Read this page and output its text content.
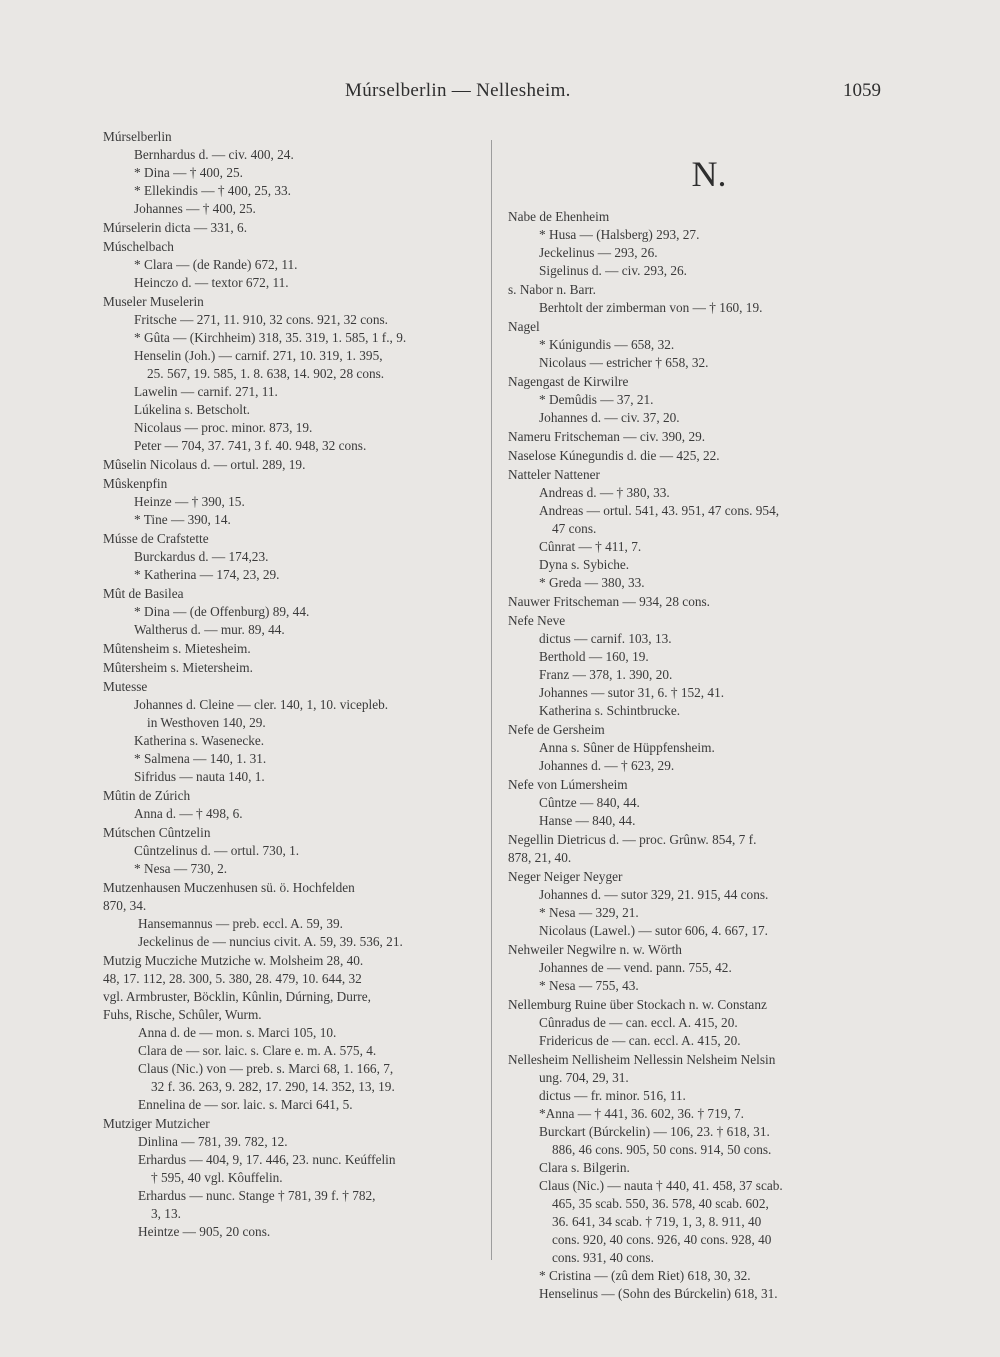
Múrselberlin — Nellesheim.	1059
Múrselberlin
Bernhardus d. — civ. 400, 24.
* Dina — † 400, 25.
* Ellekindis — † 400, 25, 33.
Johannes — † 400, 25.
Múrselerin dicta — 331, 6.
Múschelbach
* Clara — (de Rande) 672, 11.
Heinczo d. — textor 672, 11.
Museler Muselerin
Fritsche — 271, 11. 910, 32 cons. 921, 32 cons.
* Gûta — (Kirchheim) 318, 35. 319, 1. 585, 1 f., 9.
Henselin (Joh.) — carnif. 271, 10. 319, 1. 395,
25. 567, 19. 585, 1. 8. 638, 14. 902, 28 cons.
Lawelin — carnif. 271, 11.
Lúkelina s. Betscholt.
Nicolaus — proc. minor. 873, 19.
Peter — 704, 37. 741, 3 f. 40. 948, 32 cons.
Mûselin Nicolaus d. — ortul. 289, 19.
Mûskenpfin
Heinze — † 390, 15.
* Tine — 390, 14.
Músse de Crafstette
Burckardus d. — 174,23.
* Katherina — 174, 23, 29.
Mût de Basilea
* Dina — (de Offenburg) 89, 44.
Waltherus d. — mur. 89, 44.
Mûtensheim s. Mietesheim.
Mûtersheim s. Mietersheim.
Mutesse
Johannes d. Cleine — cler. 140, 1, 10. vicepleb.
in Westhoven 140, 29.
Katherina s. Wasenecke.
* Salmena — 140, 1. 31.
Sifridus — nauta 140, 1.
Mûtin de Zúrich
Anna d. — † 498, 6.
Mútschen Cûntzelin
Cûntzelinus d. — ortul. 730, 1.
* Nesa — 730, 2.
Mutzenhausen Muczenhusen sü. ö. Hochfelden
870, 34.
Hansemannus — preb. eccl. A. 59, 39.
Jeckelinus de — nuncius civit. A. 59, 39. 536, 21.
Mutzig Mucziche Mutziche w. Molsheim 28, 40.
48, 17. 112, 28. 300, 5. 380, 28. 479, 10. 644, 32
vgl. Armbruster, Böcklin, Kûnlin, Dúrning, Durre,
Fuhs, Rische, Schûler, Wurm.
Anna d. de — mon. s. Marci 105, 10.
Clara de — sor. laic. s. Clare e. m. A. 575, 4.
Claus (Nic.) von — preb. s. Marci 68, 1. 166, 7,
32 f. 36. 263, 9. 282, 17. 290, 14. 352, 13, 19.
Ennelina de — sor. laic. s. Marci 641, 5.
Mutziger Mutzicher
Dinlina — 781, 39. 782, 12.
Erhardus — 404, 9, 17. 446, 23. nunc. Keúffelin
† 595, 40 vgl. Kôuffelin.
Erhardus — nunc. Stange † 781, 39 f. † 782,
3, 13.
Heintze — 905, 20 cons.
N.
Nabe de Ehenheim
* Husa — (Halsberg) 293, 27.
Jeckelinus — 293, 26.
Sigelinus d. — civ. 293, 26.
s. Nabor n. Barr.
Berhtolt der zimberman von — † 160, 19.
Nagel
* Kúnigundis — 658, 32.
Nicolaus — estricher † 658, 32.
Nagengast de Kirwilre
* Demûdis — 37, 21.
Johannes d. — civ. 37, 20.
Nameru Fritscheman — civ. 390, 29.
Naselose Kúnegundis d. die — 425, 22.
Natteler Nattener
Andreas d. — † 380, 33.
Andreas — ortul. 541, 43. 951, 47 cons. 954,
47 cons.
Cûnrat — † 411, 7.
Dyna s. Sybiche.
* Greda — 380, 33.
Nauwer Fritscheman — 934, 28 cons.
Nefe Neve
dictus — carnif. 103, 13.
Berthold — 160, 19.
Franz — 378, 1. 390, 20.
Johannes — sutor 31, 6. † 152, 41.
Katherina s. Schintbrucke.
Nefe de Gersheim
Anna s. Sûner de Hüppfensheim.
Johannes d. — † 623, 29.
Nefe von Lúmersheim
Cûntze — 840, 44.
Hanse — 840, 44.
Negellin Dietricus d. — proc. Grûnw. 854, 7 f.
878, 21, 40.
Neger Neiger Neyger
Johannes d. — sutor 329, 21. 915, 44 cons.
* Nesa — 329, 21.
Nicolaus (Lawel.) — sutor 606, 4. 667, 17.
Nehweiler Negwilre n. w. Wörth
Johannes de — vend. pann. 755, 42.
* Nesa — 755, 43.
Nellemburg Ruine über Stockach n. w. Constanz
Cûnradus de — can. eccl. A. 415, 20.
Fridericus de — can. eccl. A. 415, 20.
Nellesheim Nellisheim Nellessin Nelsheim Nelsin
ung. 704, 29, 31.
dictus — fr. minor. 516, 11.
*Anna — † 441, 36. 602, 36. † 719, 7.
Burckart (Búrckelin) — 106, 23. † 618, 31.
886, 46 cons. 905, 50 cons. 914, 50 cons.
Clara s. Bilgerin.
Claus (Nic.) — nauta † 440, 41. 458, 37 scab.
465, 35 scab. 550, 36. 578, 40 scab. 602,
36. 641, 34 scab. † 719, 1, 3, 8. 911, 40
cons. 920, 40 cons. 926, 40 cons. 928, 40
cons. 931, 40 cons.
* Cristina — (zû dem Riet) 618, 30, 32.
Henselinus — (Sohn des Búrckelin) 618, 31.
